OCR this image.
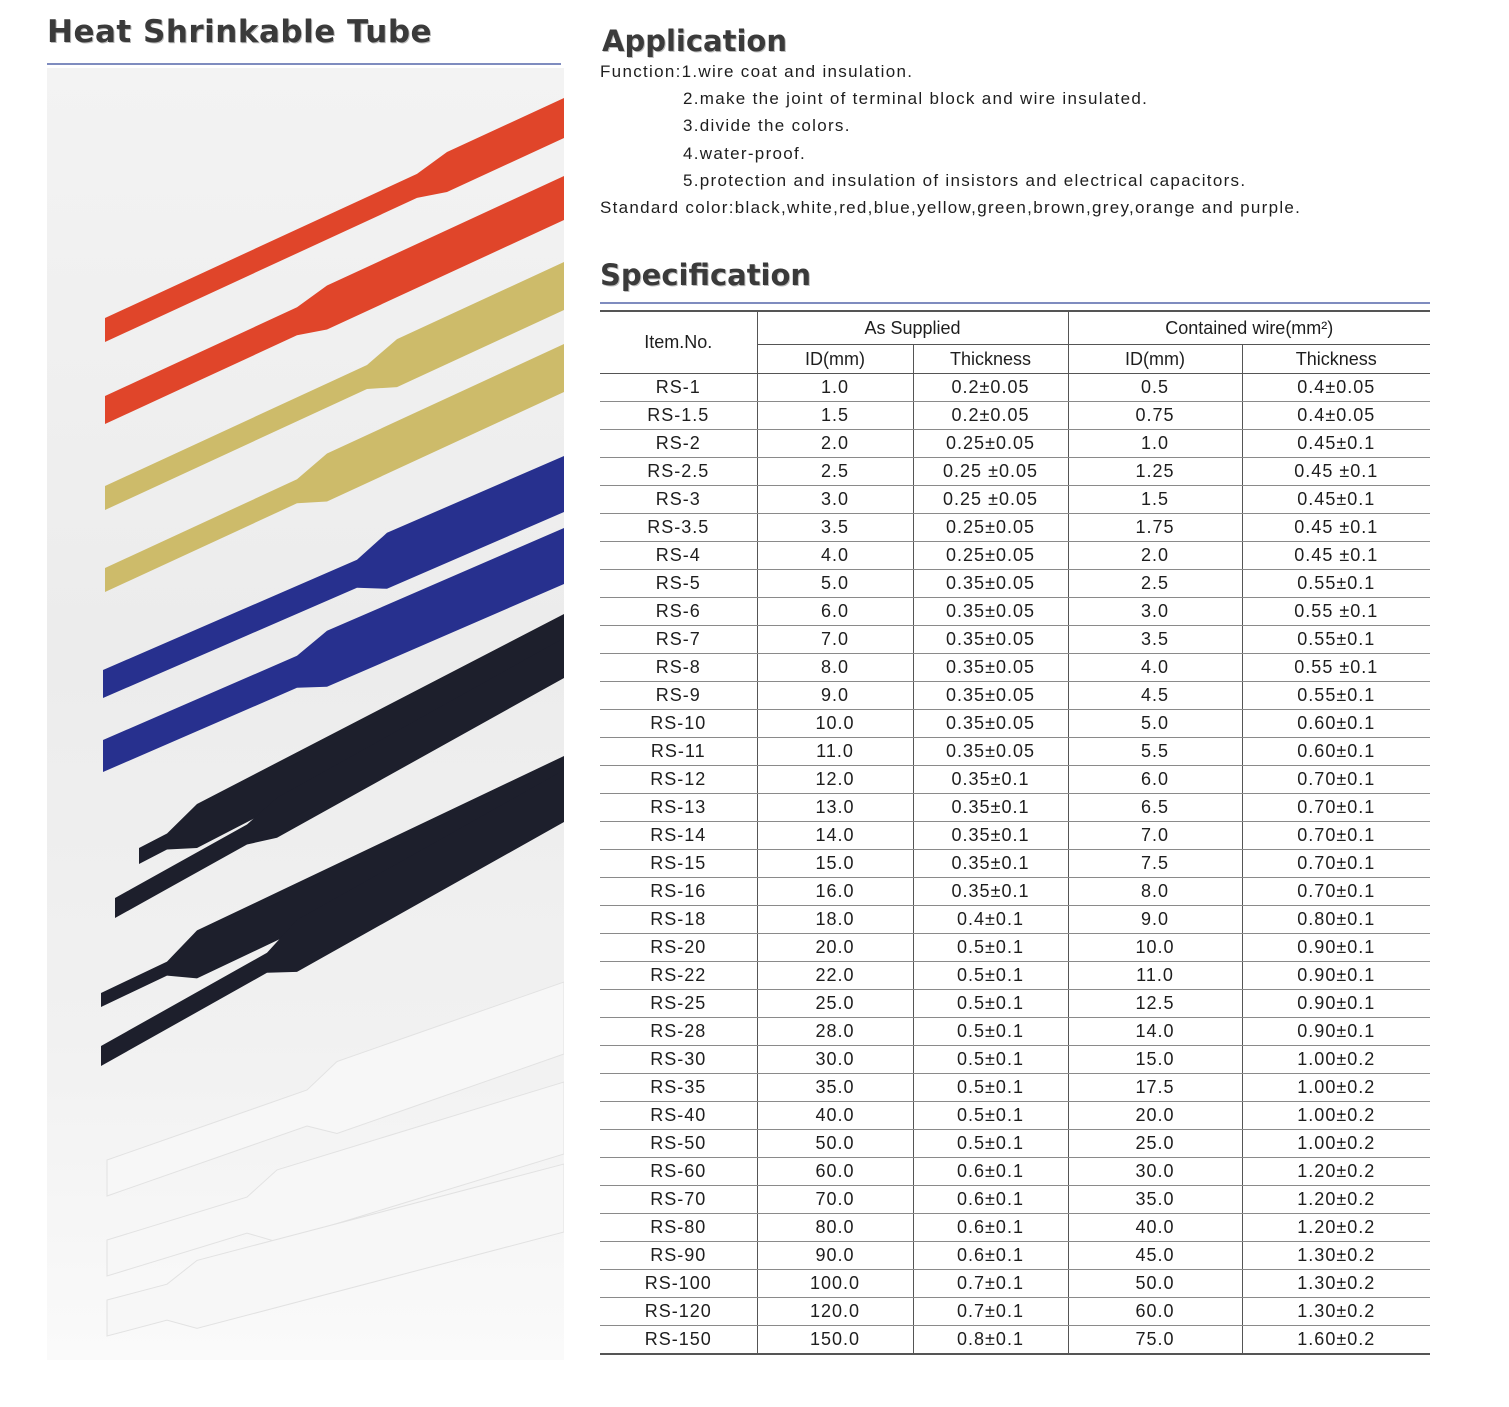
Heat Shrinkable Tube	Application
Function:1.wire coat and insulation.
2.make the joint of terminal block and wire insulated.
3.divide the colors.
4.water-proof.
5.protection and insulation of insistors and electrical capacitors.
Standard color:black,white,red,blue,yellow,green,brown,grey,orange and purple.
Specification
Item.No.	As Supplied		Contained wire(mm²)	
	ID(mm)	Thickness	ID(mm)	Thickness
RS-1	1.0	0.2±0.05	0.5	0.4±0.05
RS-1.5	1.5	0.2±0.05	0.75	0.4±0.05
RS-2	2.0	0.25±0.05	1.0	0.45±0.1
RS-2.5	2.5	0.25 ±0.05	1.25	0.45 ±0.1
RS-3	3.0	0.25 ±0.05	1.5	0.45±0.1
RS-3.5	3.5	0.25±0.05	1.75	0.45 ±0.1
RS-4	4.0	0.25±0.05	2.0	0.45 ±0.1
RS-5	5.0	0.35±0.05	2.5	0.55±0.1
RS-6	6.0	0.35±0.05	3.0	0.55 ±0.1
RS-7	7.0	0.35±0.05	3.5	0.55±0.1
RS-8	8.0	0.35±0.05	4.0	0.55 ±0.1
RS-9	9.0	0.35±0.05	4.5	0.55±0.1
RS-10	10.0	0.35±0.05	5.0	0.60±0.1
RS-11	11.0	0.35±0.05	5.5	0.60±0.1
RS-12	12.0	0.35±0.1	6.0	0.70±0.1
RS-13	13.0	0.35±0.1	6.5	0.70±0.1
RS-14	14.0	0.35±0.1	7.0	0.70±0.1
RS-15	15.0	0.35±0.1	7.5	0.70±0.1
RS-16	16.0	0.35±0.1	8.0	0.70±0.1
RS-18	18.0	0.4±0.1	9.0	0.80±0.1
RS-20	20.0	0.5±0.1	10.0	0.90±0.1
RS-22	22.0	0.5±0.1	11.0	0.90±0.1
RS-25	25.0	0.5±0.1	12.5	0.90±0.1
RS-28	28.0	0.5±0.1	14.0	0.90±0.1
RS-30	30.0	0.5±0.1	15.0	1.00±0.2
RS-35	35.0	0.5±0.1	17.5	1.00±0.2
RS-40	40.0	0.5±0.1	20.0	1.00±0.2
RS-50	50.0	0.5±0.1	25.0	1.00±0.2
RS-60	60.0	0.6±0.1	30.0	1.20±0.2
RS-70	70.0	0.6±0.1	35.0	1.20±0.2
RS-80	80.0	0.6±0.1	40.0	1.20±0.2
RS-90	90.0	0.6±0.1	45.0	1.30±0.2
RS-100	100.0	0.7±0.1	50.0	1.30±0.2
RS-120	120.0	0.7±0.1	60.0	1.30±0.2
RS-150	150.0	0.8±0.1	75.0	1.60±0.2
